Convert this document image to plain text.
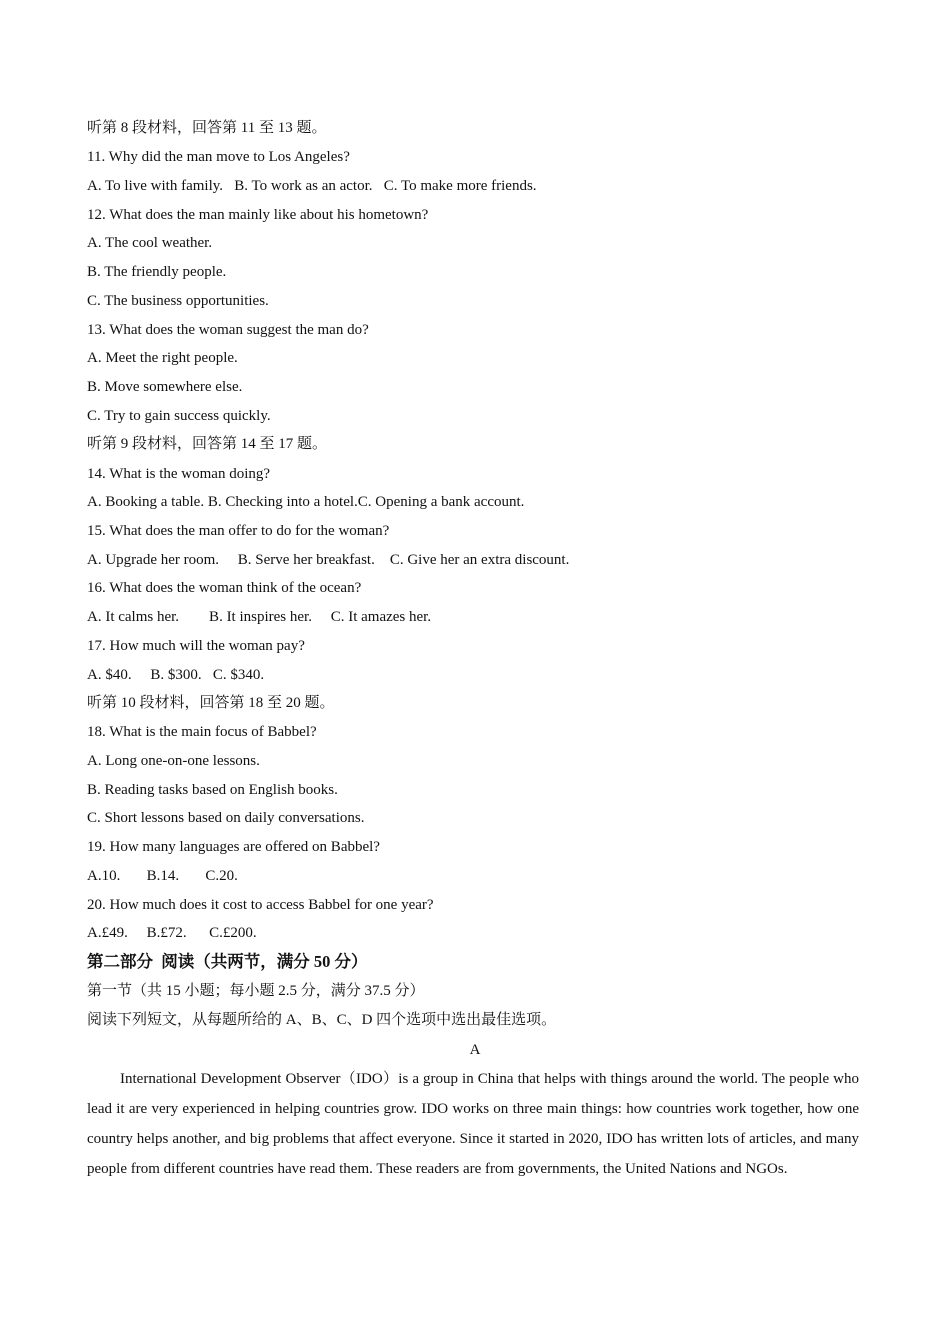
听第 8 段材料，回答第 11 至 13 题。
11. Why did the man move to Los Angeles?
A. To live with family.   B. To work as an actor.   C. To make more friends.
12. What does the man mainly like about his hometown?
A. The cool weather.
B. The friendly people.
C. The business opportunities.
13. What does the woman suggest the man do?
A. Meet the right people.
B. Move somewhere else.
C. Try to gain success quickly.
听第 9 段材料，回答第 14 至 17 题。
14. What is the woman doing?
A. Booking a table. B. Checking into a hotel.C. Opening a bank account.
15. What does the man offer to do for the woman?
A. Upgrade her room.     B. Serve her breakfast.    C. Give her an extra discount.
16. What does the woman think of the ocean?
A. It calms her.        B. It inspires her.     C. It amazes her.
17. How much will the woman pay?
A. $40.     B. $300.   C. $340.
听第 10 段材料，回答第 18 至 20 题。
18. What is the main focus of Babbel?
A. Long one-on-one lessons.
B. Reading tasks based on English books.
C. Short lessons based on daily conversations.
19. How many languages are offered on Babbel?
A.10.       B.14.       C.20.
20. How much does it cost to access Babbel for one year?
A.£49.     B.£72.      C.£200.
第二部分  阅读（共两节，满分 50 分）
第一节（共 15 小题；每小题 2.5 分，满分 37.5 分）
阅读下列短文，从每题所给的 A、B、C、D 四个选项中选出最佳选项。
A

International Development Observer（IDO）is a group in China that helps with things around the world. The people who lead it are very experienced in helping countries grow. IDO works on three main things: how countries work together, how one country helps another, and big problems that affect everyone. Since it started in 2020, IDO has written lots of articles, and many people from different countries have read them. These readers are from governments, the United Nations and NGOs.
